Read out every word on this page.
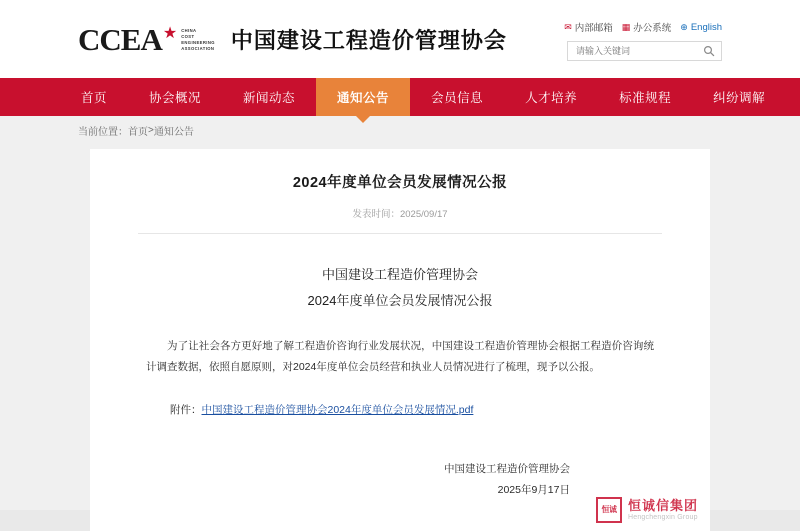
CCEA ★ CHINA
COST
ENGINEERING
ASSOCIATION 中国建设工程造价管理协会
✉ 内部邮箱 ▦ 办公系统 ⊕ English
请输入关键词
首页	协会概况	新闻动态	通知公告	会员信息	人才培养	标准规程	纠纷调解
当前位置： 首页 > 通知公告
2024年度单位会员发展情况公报
发表时间：2025/09/17
中国建设工程造价管理协会
2024年度单位会员发展情况公报

为了让社会各方更好地了解工程造价咨询行业发展状况，中国建设工程造价管理协会根据工程造价咨询统计调查数据，依照自愿原则，对2024年度单位会员经营和执业人员情况进行了梳理，现予以公报。

附件：中国建设工程造价管理协会2024年度单位会员发展情况.pdf
中国建设工程造价管理协会
2025年9月17日
恒诚 恒诚信集团
Hengchengxin Group
